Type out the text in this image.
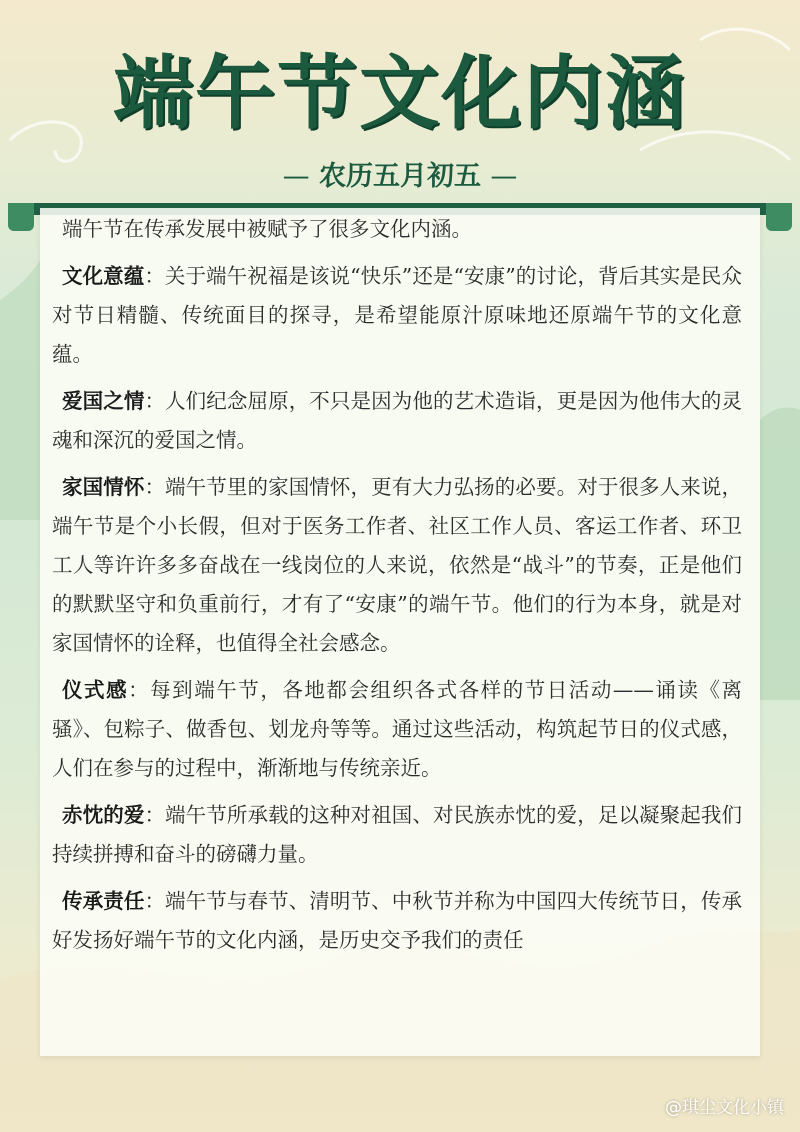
端午节文化内涵
— 农历五月初五 —

端午节在传承发展中被赋予了很多文化内涵。

文化意蕴：关于端午祝福是该说“快乐”还是“安康”的讨论，背后其实是民众对节日精髓、传统面目的探寻，是希望能原汁原味地还原端午节的文化意蕴。

爱国之情：人们纪念屈原，不只是因为他的艺术造诣，更是因为他伟大的灵魂和深沉的爱国之情。

家国情怀：端午节里的家国情怀，更有大力弘扬的必要。对于很多人来说，端午节是个小长假，但对于医务工作者、社区工作人员、客运工作者、环卫工人等许许多多奋战在一线岗位的人来说，依然是“战斗”的节奏，正是他们的默默坚守和负重前行，才有了“安康”的端午节。他们的行为本身，就是对家国情怀的诠释，也值得全社会感念。

仪式感：每到端午节，各地都会组织各式各样的节日活动——诵读《离骚》、包粽子、做香包、划龙舟等等。通过这些活动，构筑起节日的仪式感，人们在参与的过程中，渐渐地与传统亲近。

赤忱的爱：端午节所承载的这种对祖国、对民族赤忱的爱，足以凝聚起我们持续拼搏和奋斗的磅礴力量。

传承责任：端午节与春节、清明节、中秋节并称为中国四大传统节日，传承好发扬好端午节的文化内涵，是历史交予我们的责任

@琪尘文化小镇
